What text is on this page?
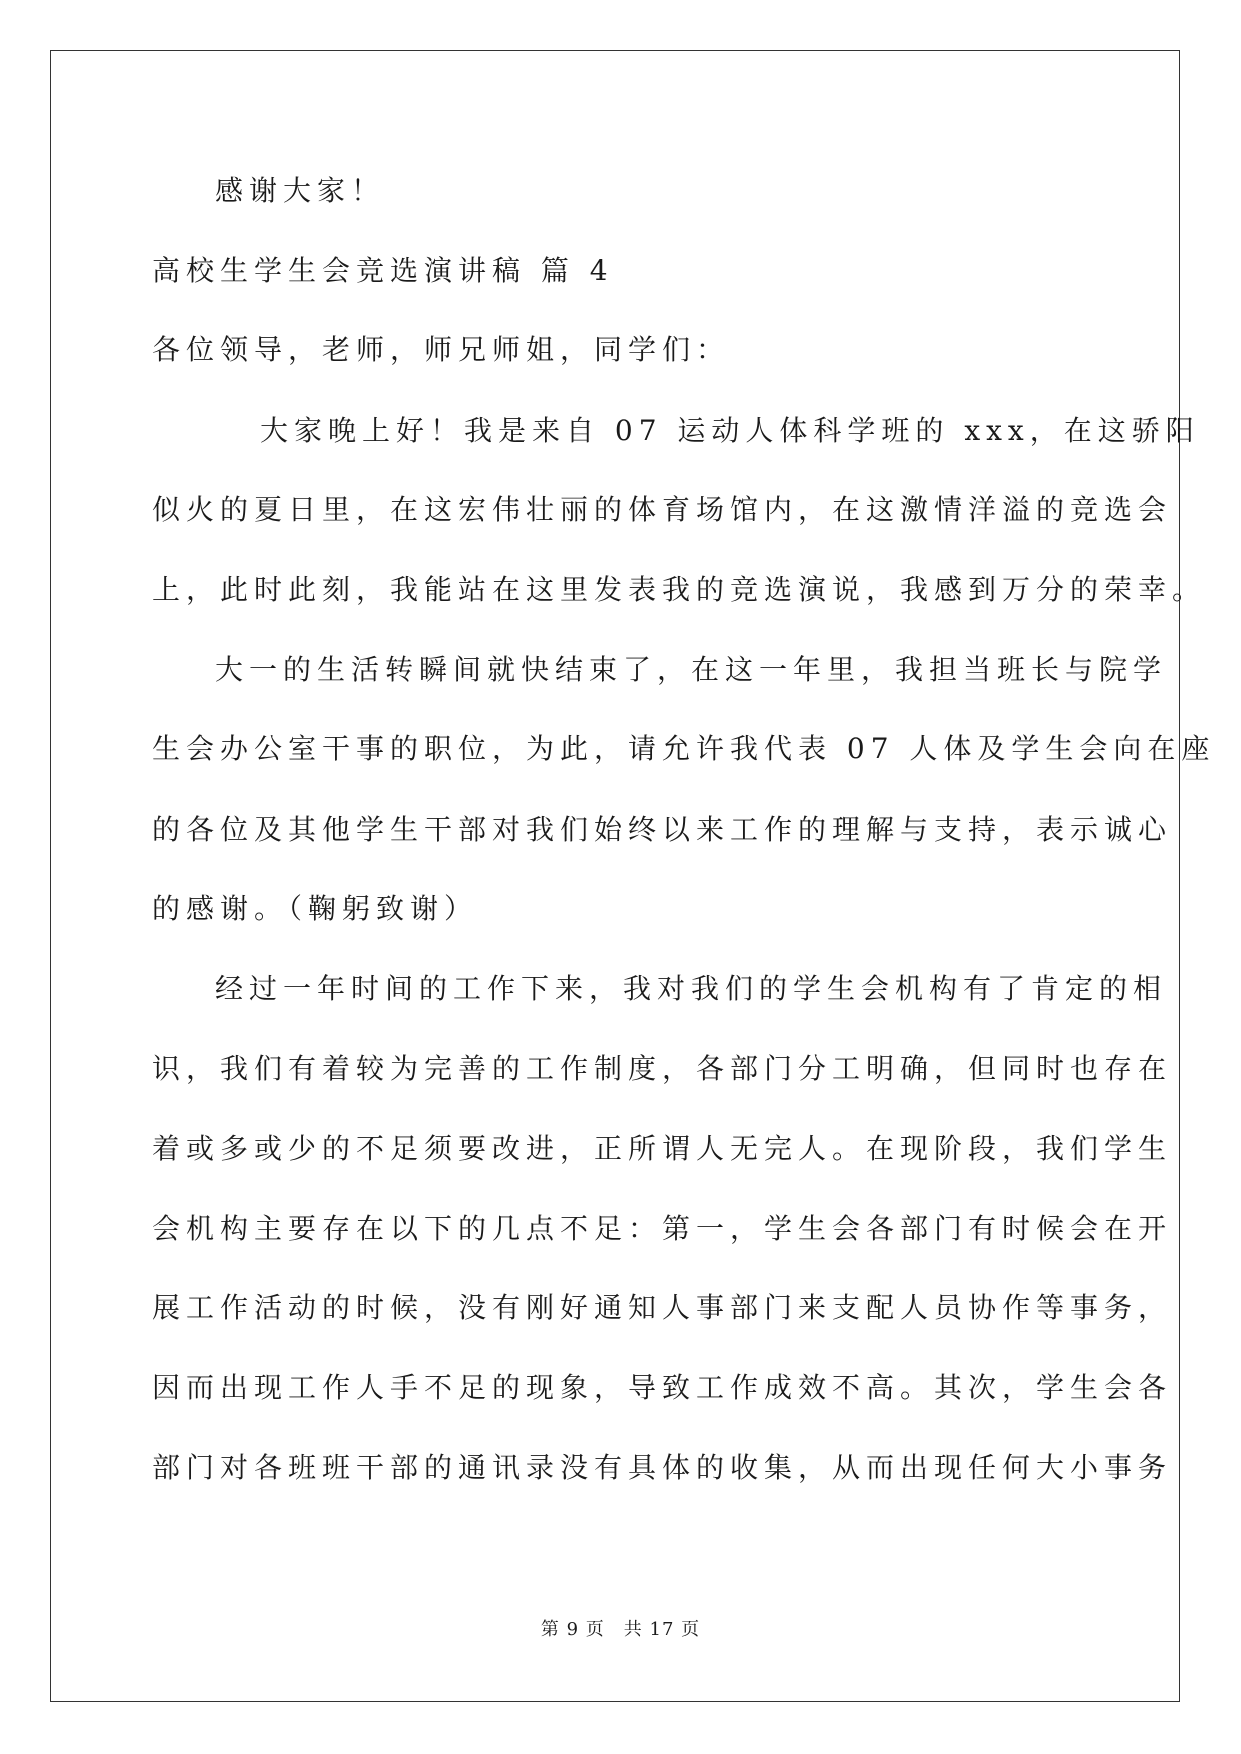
感谢大家！
高校生学生会竞选演讲稿 篇 4
各位领导，老师，师兄师姐，同学们：
大家晚上好！我是来自 07 运动人体科学班的 xxx，在这骄阳
似火的夏日里，在这宏伟壮丽的体育场馆内，在这激情洋溢的竞选会
上，此时此刻，我能站在这里发表我的竞选演说，我感到万分的荣幸。
大一的生活转瞬间就快结束了，在这一年里，我担当班长与院学
生会办公室干事的职位，为此，请允许我代表 07 人体及学生会向在座
的各位及其他学生干部对我们始终以来工作的理解与支持，表示诚心
的感谢。（鞠躬致谢）
经过一年时间的工作下来，我对我们的学生会机构有了肯定的相
识，我们有着较为完善的工作制度，各部门分工明确，但同时也存在
着或多或少的不足须要改进，正所谓人无完人。在现阶段，我们学生
会机构主要存在以下的几点不足：第一，学生会各部门有时候会在开
展工作活动的时候，没有刚好通知人事部门来支配人员协作等事务，
因而出现工作人手不足的现象，导致工作成效不高。其次，学生会各
部门对各班班干部的通讯录没有具体的收集，从而出现任何大小事务
第 9 页　共 17 页
